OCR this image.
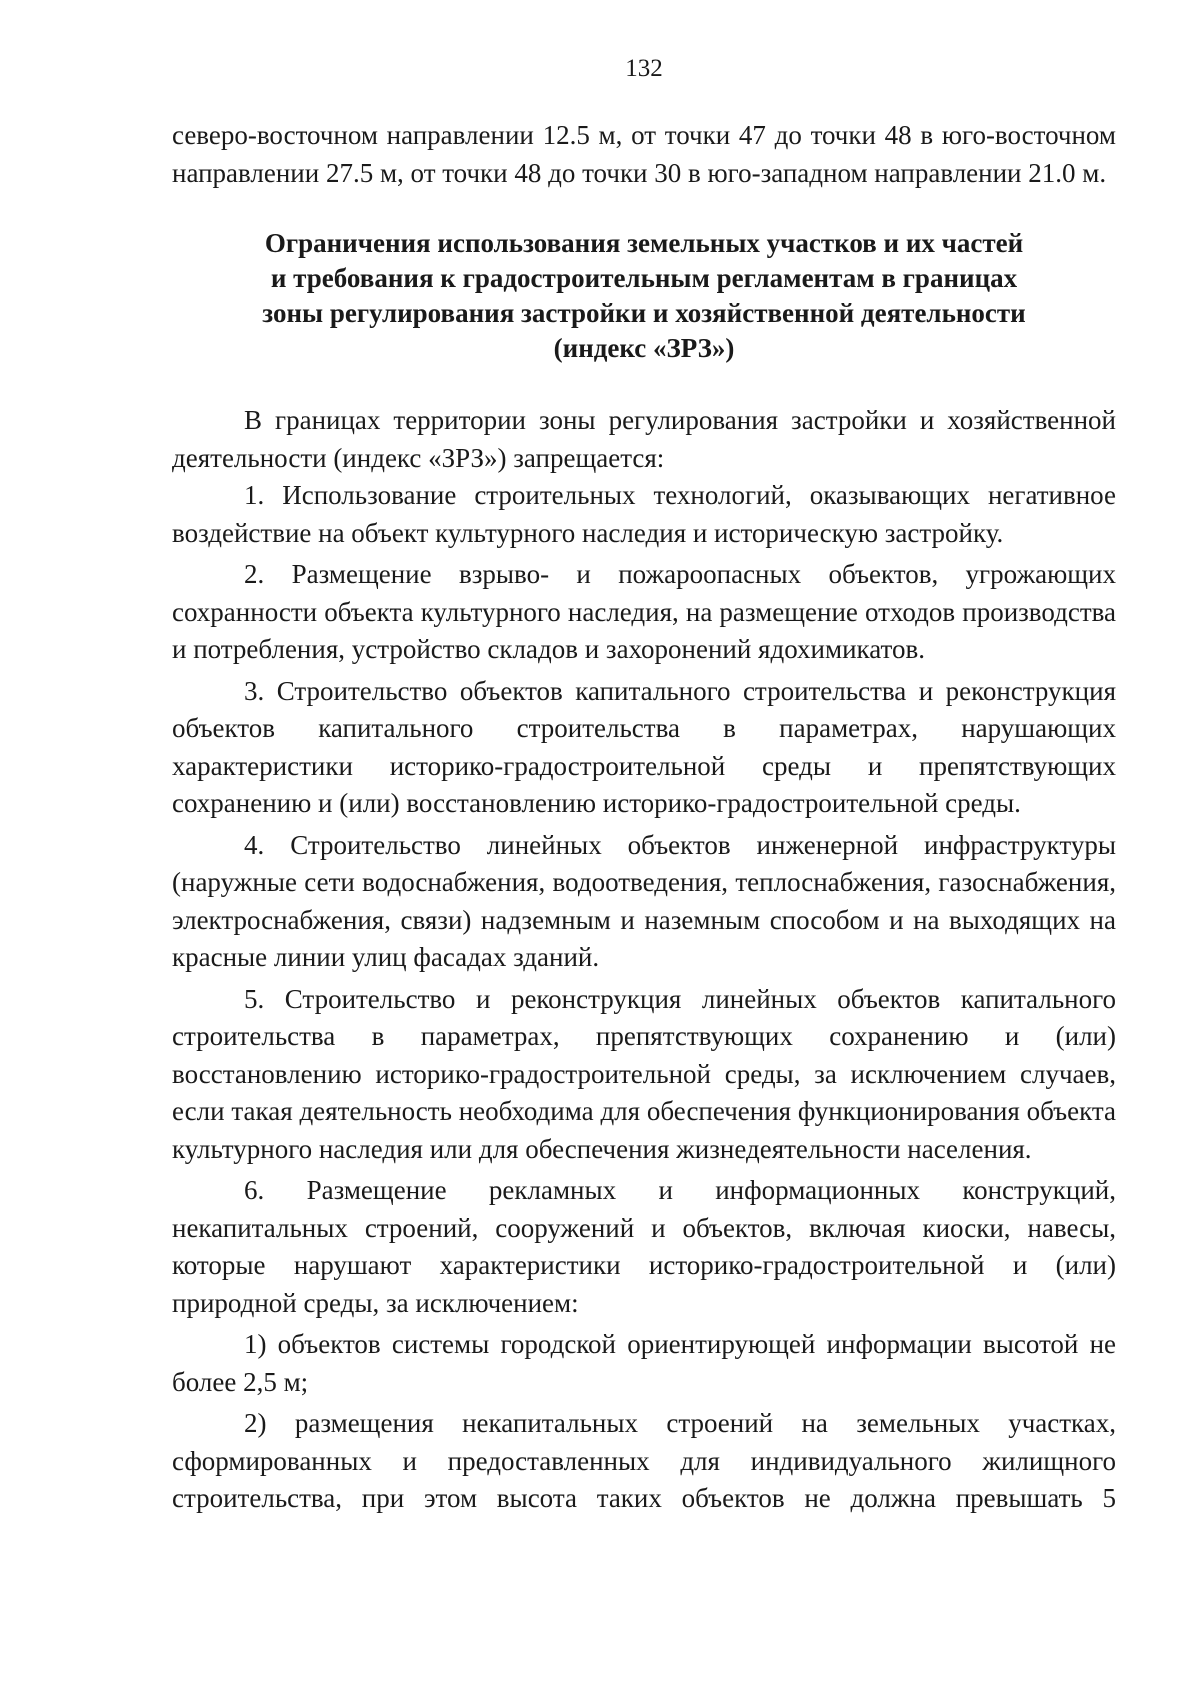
132

северо-восточном направлении 12.5 м, от точки 47 до точки 48 в юго-восточном направлении 27.5 м, от точки 48 до точки 30 в юго-западном направлении 21.0 м.

Ограничения использования земельных участков и их частей
и требования к градостроительным регламентам в границах
зоны регулирования застройки и хозяйственной деятельности
(индекс «ЗРЗ»)

В границах территории зоны регулирования застройки и хозяйственной деятельности (индекс «ЗРЗ») запрещается:

1. Использование строительных технологий, оказывающих негативное воздействие на объект культурного наследия и историческую застройку.

2. Размещение взрыво- и пожароопасных объектов, угрожающих сохранности объекта культурного наследия, на размещение отходов производства и потребления, устройство складов и захоронений ядохимикатов.

3. Строительство объектов капитального строительства и реконструкция объектов капитального строительства в параметрах, нарушающих характеристики историко-градостроительной среды и препятствующих сохранению и (или) восстановлению историко-градостроительной среды.

4. Строительство линейных объектов инженерной инфраструктуры (наружные сети водоснабжения, водоотведения, теплоснабжения, газоснабжения, электроснабжения, связи) надземным и наземным способом и на выходящих на красные линии улиц фасадах зданий.

5. Строительство и реконструкция линейных объектов капитального строительства в параметрах, препятствующих сохранению и (или) восстановлению историко-градостроительной среды, за исключением случаев, если такая деятельность необходима для обеспечения функционирования объекта культурного наследия или для обеспечения жизнедеятельности населения.

6. Размещение рекламных и информационных конструкций, некапитальных строений, сооружений и объектов, включая киоски, навесы, которые нарушают характеристики историко-градостроительной и (или) природной среды, за исключением:

1) объектов системы городской ориентирующей информации высотой не более 2,5 м;

2) размещения некапитальных строений на земельных участках, сформированных и предоставленных для индивидуального жилищного строительства, при этом высота таких объектов не должна превышать 5
